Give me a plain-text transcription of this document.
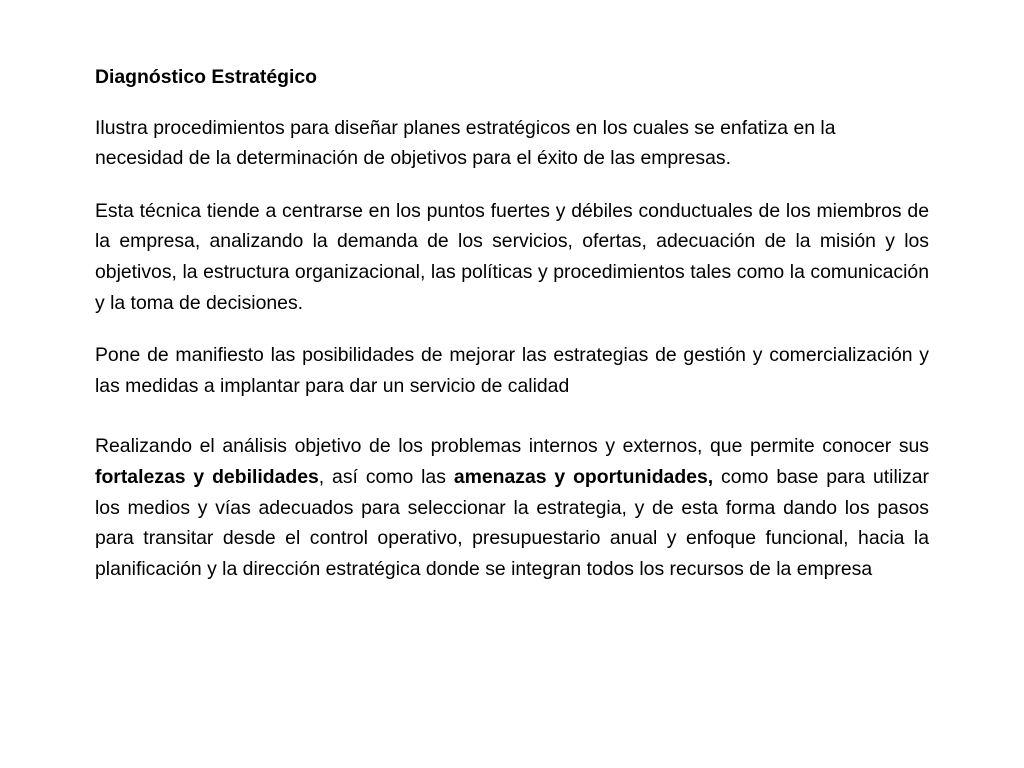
Diagnóstico Estratégico
Ilustra procedimientos para diseñar planes estratégicos en los cuales se enfatiza en la necesidad de la determinación de objetivos para el éxito de las empresas.
Esta técnica tiende a centrarse en los puntos fuertes y débiles conductuales de los miembros de la empresa, analizando la demanda de los servicios, ofertas, adecuación de la misión y los objetivos, la estructura organizacional, las políticas y procedimientos tales como la comunicación y la toma de decisiones.
Pone de manifiesto las posibilidades de mejorar las estrategias de gestión y comercialización y las medidas a implantar para dar un servicio de calidad
Realizando el análisis objetivo de los problemas internos y externos, que permite conocer sus fortalezas y debilidades, así como las amenazas y oportunidades, como base para utilizar los medios y vías adecuados para seleccionar la estrategia, y de esta forma dando los pasos para transitar desde el control operativo, presupuestario anual y enfoque funcional, hacia la planificación y la dirección estratégica donde se integran todos los recursos de la empresa
